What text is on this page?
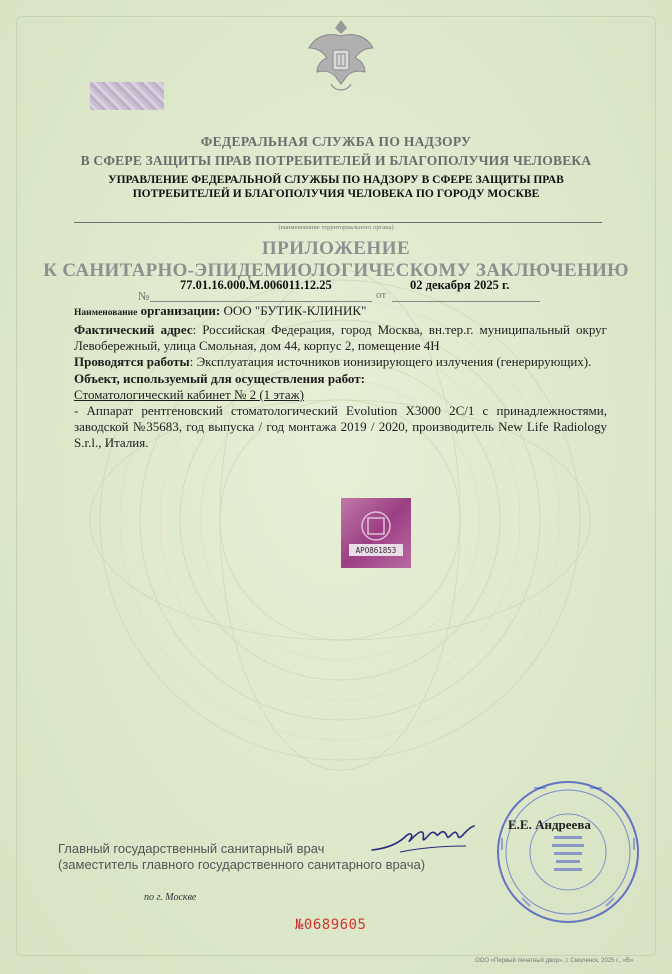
ФЕДЕРАЛЬНАЯ СЛУЖБА ПО НАДЗОРУ

В СФЕРЕ ЗАЩИТЫ ПРАВ ПОТРЕБИТЕЛЕЙ И БЛАГОПОЛУЧИЯ ЧЕЛОВЕКА

УПРАВЛЕНИЕ ФЕДЕРАЛЬНОЙ СЛУЖБЫ ПО НАДЗОРУ В СФЕРЕ ЗАЩИТЫ ПРАВ

ПОТРЕБИТЕЛЕЙ И БЛАГОПОЛУЧИЯ ЧЕЛОВЕКА ПО ГОРОДУ МОСКВЕ

(наименование территориального органа)

ПРИЛОЖЕНИЕ

К САНИТАРНО-ЭПИДЕМИОЛОГИЧЕСКОМУ ЗАКЛЮЧЕНИЮ

№

77.01.16.000.М.006011.12.25

от

02 декабря 2025 г.

Наименование организации: ООО "БУТИК-КЛИНИК"

Фактический адрес: Российская Федерация, город Москва, вн.тер.г. муниципальный округ Левобережный, улица Смольная, дом 44, корпус 2, помещение 4Н

Проводятся работы: Эксплуатация источников ионизирующего излучения (генерирующих).

Объект, используемый для осуществления работ:

Стоматологический кабинет № 2 (1 этаж)

- Аппарат рентгеновский стоматологический Evolution X3000 2C/1 с принадлежностями, заводской №35683, год выпуска / год монтажа 2019 / 2020, производитель New Life Radiology S.r.l., Италия.

АРО861853

Главный государственный санитарный врач

(заместитель главного государственного санитарного врача)

Е.Е. Андреева

по г. Москве

№0689605

ООО «Первый печатный двор», г. Смоленск, 2025 г., «В»
